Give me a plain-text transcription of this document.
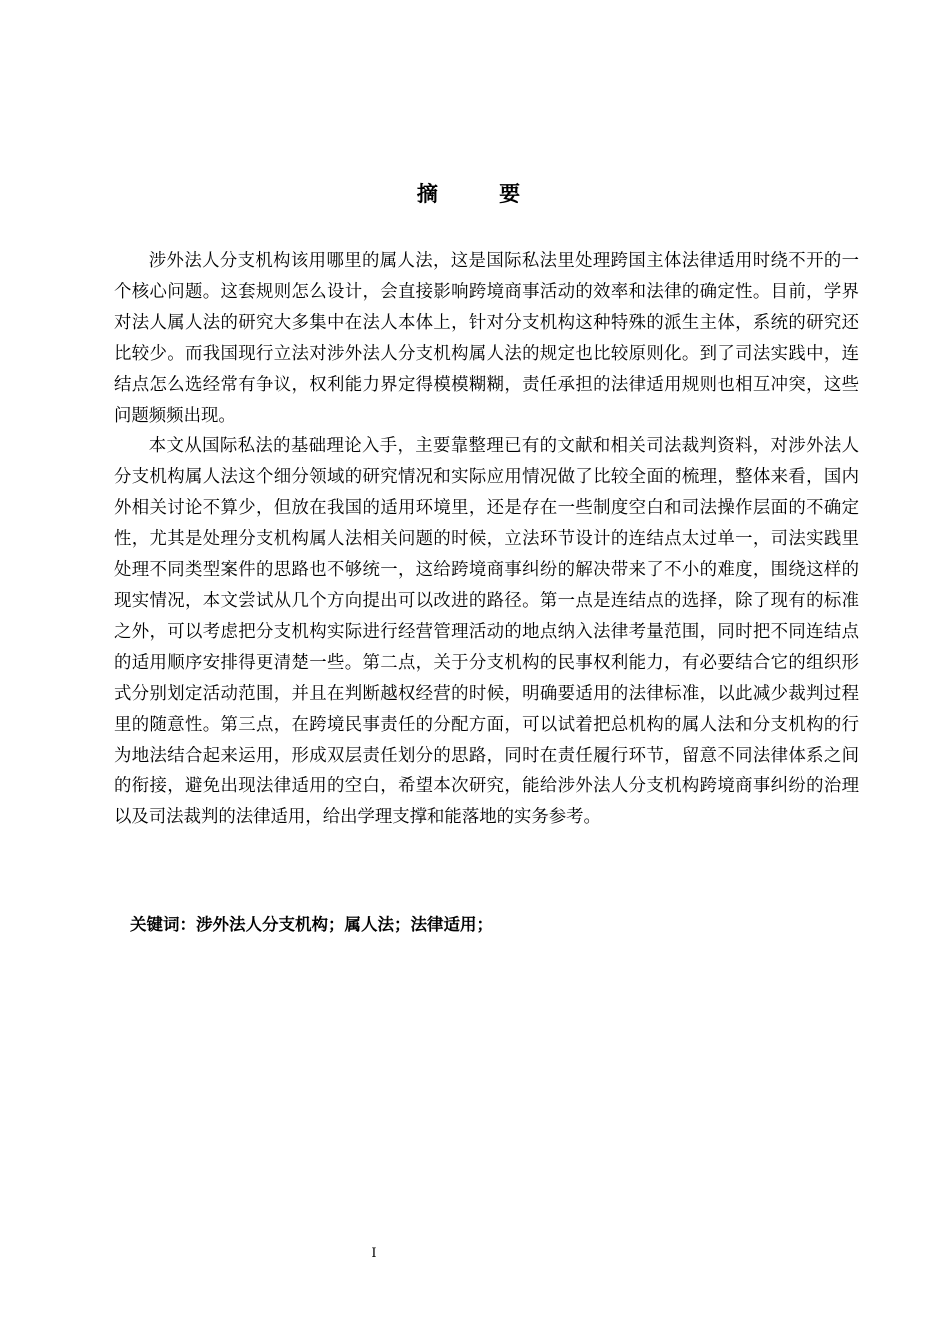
摘 要

涉外法人分支机构该用哪里的属人法，这是国际私法里处理跨国主体法律适用时绕不开的一个核心问题。这套规则怎么设计，会直接影响跨境商事活动的效率和法律的确定性。目前，学界对法人属人法的研究大多集中在法人本体上，针对分支机构这种特殊的派生主体，系统的研究还比较少。而我国现行立法对涉外法人分支机构属人法的规定也比较原则化。到了司法实践中，连结点怎么选经常有争议，权利能力界定得模模糊糊，责任承担的法律适用规则也相互冲突，这些问题频频出现。

本文从国际私法的基础理论入手，主要靠整理已有的文献和相关司法裁判资料，对涉外法人分支机构属人法这个细分领域的研究情况和实际应用情况做了比较全面的梳理，整体来看，国内外相关讨论不算少，但放在我国的适用环境里，还是存在一些制度空白和司法操作层面的不确定性，尤其是处理分支机构属人法相关问题的时候，立法环节设计的连结点太过单一，司法实践里处理不同类型案件的思路也不够统一，这给跨境商事纠纷的解决带来了不小的难度，围绕这样的现实情况，本文尝试从几个方向提出可以改进的路径。第一点是连结点的选择，除了现有的标准之外，可以考虑把分支机构实际进行经营管理活动的地点纳入法律考量范围，同时把不同连结点的适用顺序安排得更清楚一些。第二点，关于分支机构的民事权利能力，有必要结合它的组织形式分别划定活动范围，并且在判断越权经营的时候，明确要适用的法律标准，以此减少裁判过程里的随意性。第三点，在跨境民事责任的分配方面，可以试着把总机构的属人法和分支机构的行为地法结合起来运用，形成双层责任划分的思路，同时在责任履行环节，留意不同法律体系之间的衔接，避免出现法律适用的空白，希望本次研究，能给涉外法人分支机构跨境商事纠纷的治理以及司法裁判的法律适用，给出学理支撑和能落地的实务参考。

关键词：涉外法人分支机构；属人法；法律适用；
I
